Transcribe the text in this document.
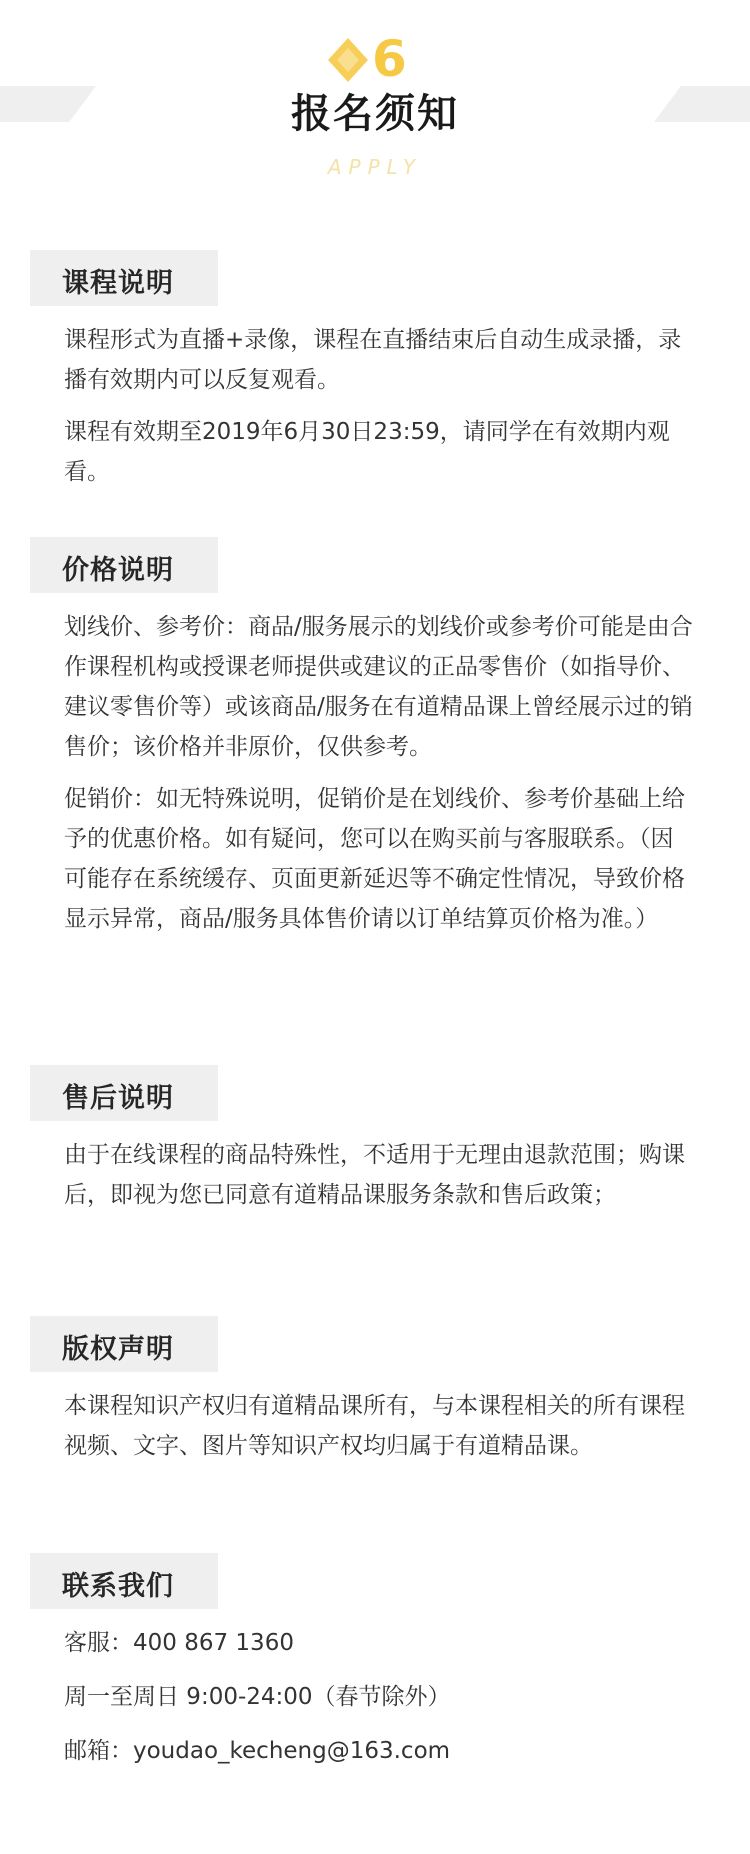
6
报名须知
APPLY
课程说明

课程形式为直播+录像，课程在直播结束后自动生成录播，录播有效期内可以反复观看。

课程有效期至2019年6月30日23:59，请同学在有效期内观看。

价格说明

划线价、参考价：商品/服务展示的划线价或参考价可能是由合作课程机构或授课老师提供或建议的正品零售价（如指导价、建议零售价等）或该商品/服务在有道精品课上曾经展示过的销售价；该价格并非原价，仅供参考。

促销价：如无特殊说明，促销价是在划线价、参考价基础上给予的优惠价格。如有疑问，您可以在购买前与客服联系。（因可能存在系统缓存、页面更新延迟等不确定性情况，导致价格显示异常，商品/服务具体售价请以订单结算页价格为准。）

售后说明

由于在线课程的商品特殊性，不适用于无理由退款范围；购课后，即视为您已同意有道精品课服务条款和售后政策；

版权声明

本课程知识产权归有道精品课所有，与本课程相关的所有课程视频、文字、图片等知识产权均归属于有道精品课。

联系我们
客服：400 867 1360
周一至周日 9:00-24:00（春节除外）
邮箱：youdao_kecheng@163.com
